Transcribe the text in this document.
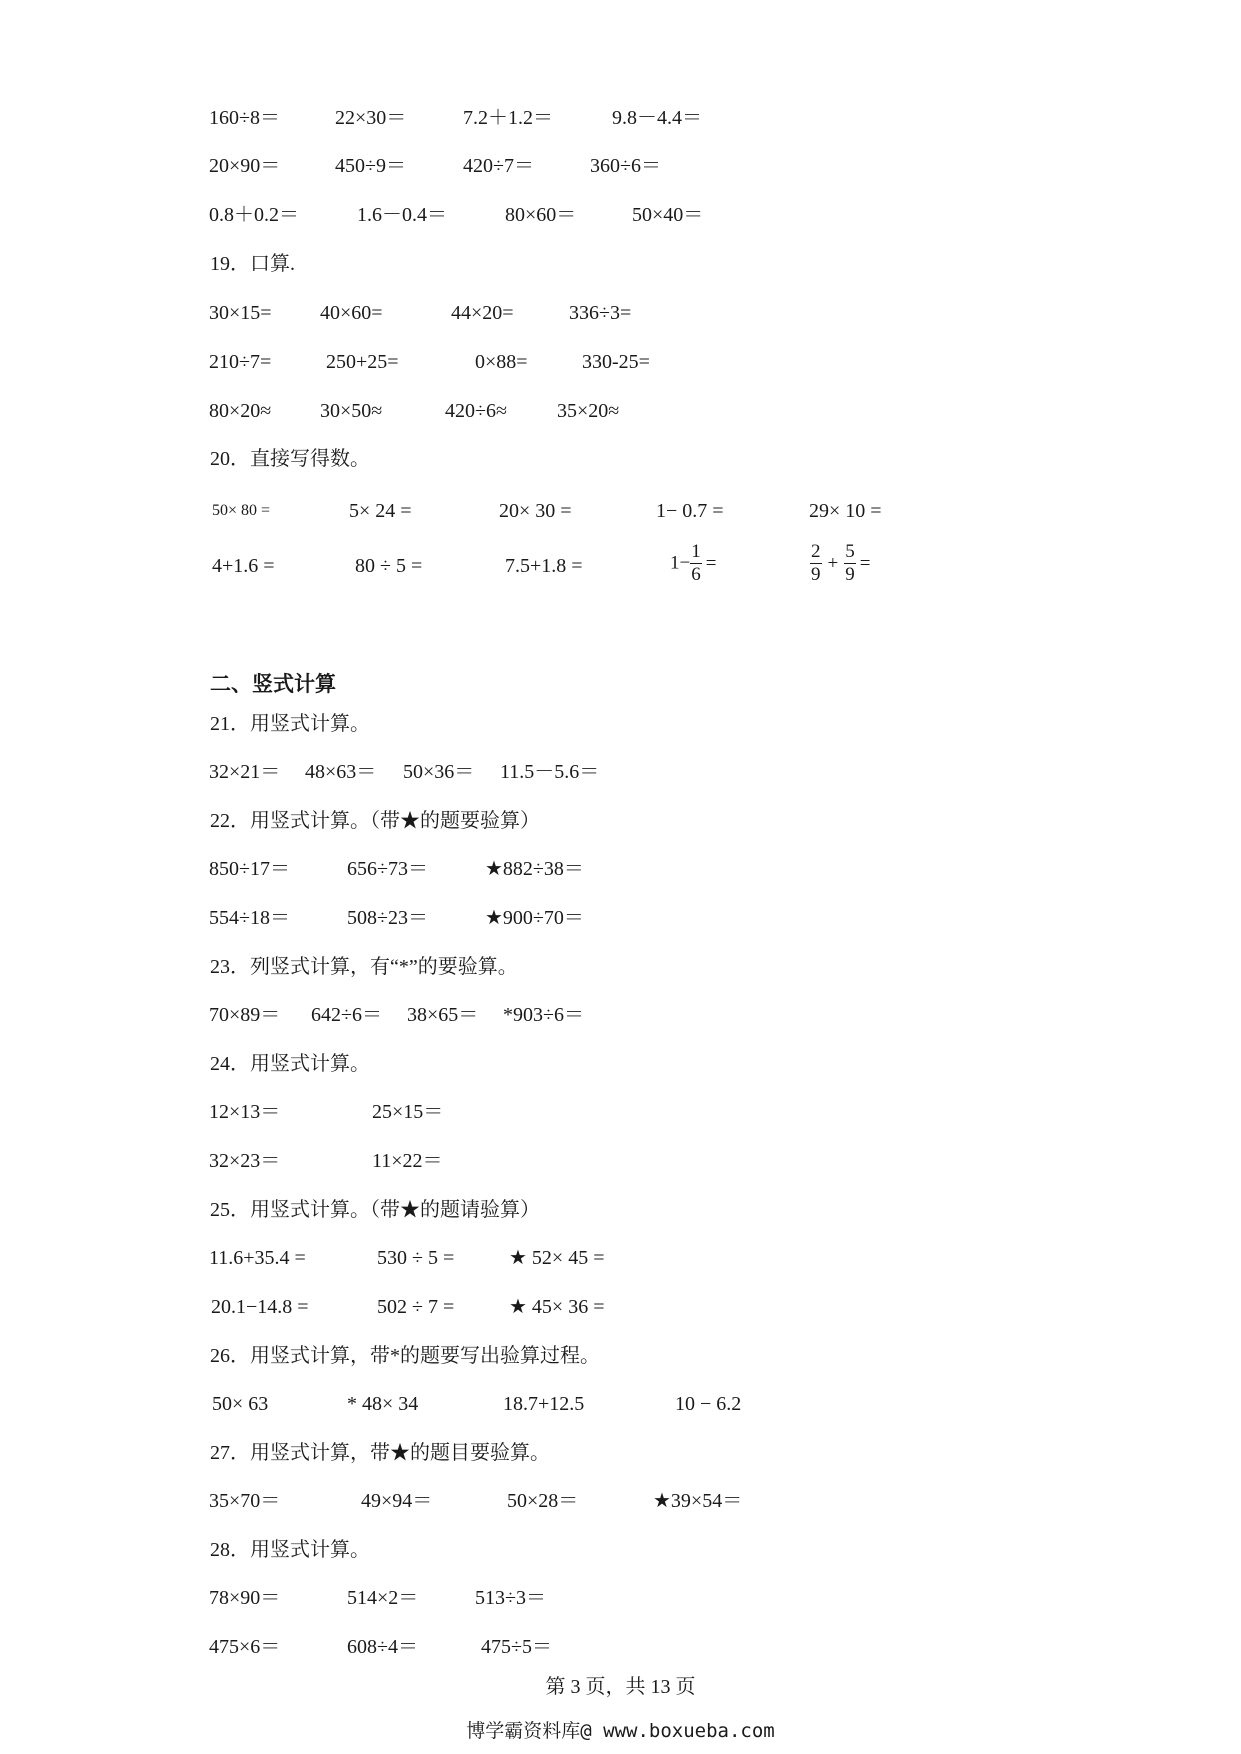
160÷8＝	22×30＝	7.2＋1.2＝	9.8－4.4＝
20×90＝	450÷9＝	420÷7＝	360÷6＝
0.8＋0.2＝	1.6－0.4＝	80×60＝	50×40＝
19．口算.
30×15= 40×60=	44×20=	336÷3=
210÷7=	250+25=	0×88=	330-25=
80×20≈ 30×50≈	420÷6≈	35×20≈
20．直接写得数。
50× 80 =	5× 24 =	20× 30 =	1− 0.7 =	29× 10 =
4+1.6 =	80 ÷ 5 =	7.5+1.8 =	$1- \frac{1}{6}$ =	$\frac{2}{9} + \frac{5}{9}$ =
二、竖式计算
21．用竖式计算。
32×21＝ 48×63＝ 50×36＝ 11.5－5.6＝
22．用竖式计算。（带★的题要验算）
850÷17＝	656÷73＝	★882÷38＝
554÷18＝	508÷23＝	★900÷70＝
23．列竖式计算，有“*”的要验算。
70×89＝ 642÷6＝ 38×65＝ *903÷6＝
24．用竖式计算。
12×13＝	25×15＝
32×23＝	11×22＝
25．用竖式计算。（带★的题请验算）
11.6+35.4 =	530 ÷ 5 =	★ 52× 45 =
20.1−14.8 =	502 ÷ 7 =	★ 45× 36 =
26．用竖式计算，带*的题要写出验算过程。
50× 63	* 48× 34	18.7+12.5	10 − 6.2
27．用竖式计算，带★的题目要验算。
35×70＝	49×94＝	50×28＝	★39×54＝
28．用竖式计算。
78×90＝	514×2＝	513÷3＝
475×6＝	608÷4＝	475÷5＝
第 3 页，共 13 页
博学霸资料库@ www.boxueba.com
